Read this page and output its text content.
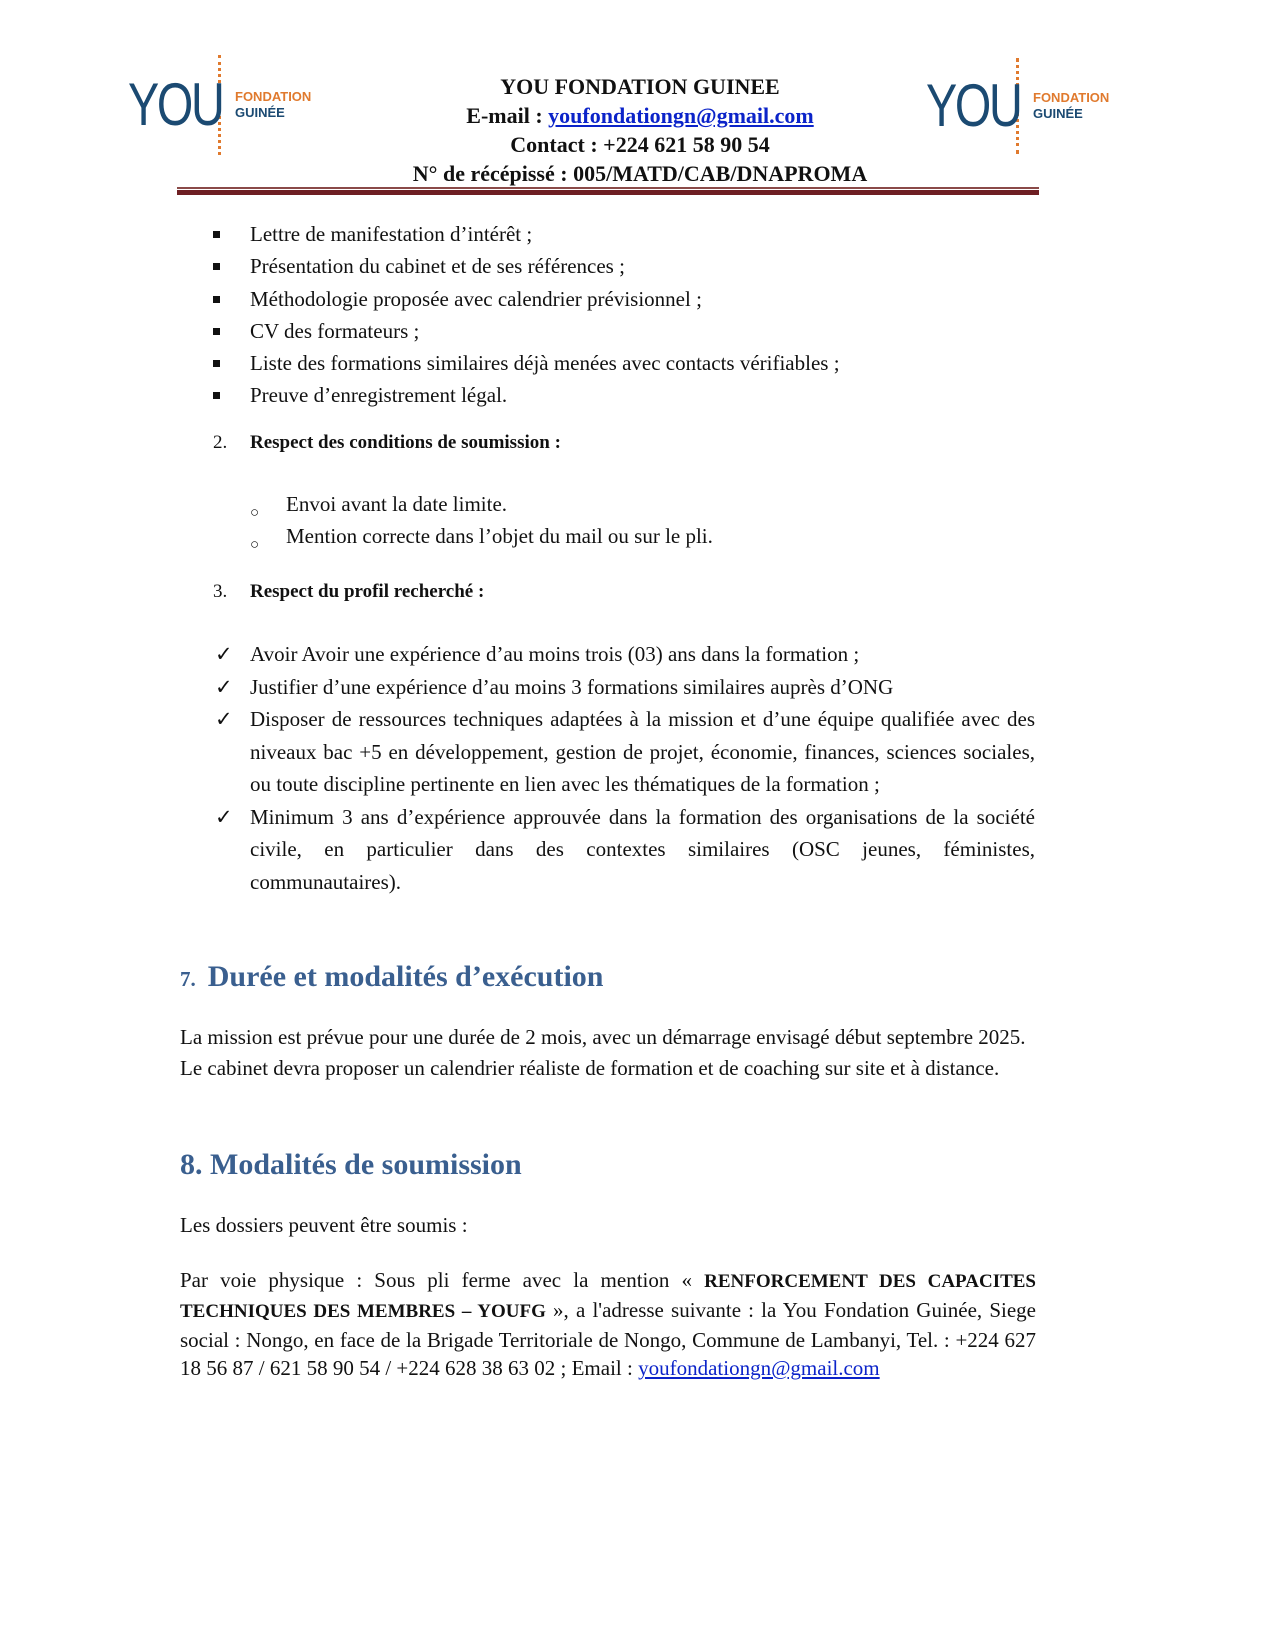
YOU FONDATION
GUINÉE	YOU FONDATION
GUINÉE
YOU FONDATION GUINEE
E-mail : youfondationgn@gmail.com
Contact : +224 621 58 90 54
N° de récépissé : 005/MATD/CAB/DNAPROMA
Lettre de manifestation d’intérêt ;
Présentation du cabinet et de ses références ;
Méthodologie proposée avec calendrier prévisionnel ;
CV des formateurs ;
Liste des formations similaires déjà menées avec contacts vérifiables ;
Preuve d’enregistrement légal.
2. Respect des conditions de soumission :
○ Envoi avant la date limite.
○ Mention correcte dans l’objet du mail ou sur le pli.
3. Respect du profil recherché :
✓ Avoir Avoir une expérience d’au moins trois (03) ans dans la formation ;
✓ Justifier d’une expérience d’au moins 3 formations similaires auprès d’ONG
✓ Disposer de ressources techniques adaptées à la mission et d’une équipe qualifiée avec des niveaux bac +5 en développement, gestion de projet, économie, finances, sciences sociales, ou toute discipline pertinente en lien avec les thématiques de la formation ;
✓ Minimum 3 ans d’expérience approuvée dans la formation des organisations de la société civile, en particulier dans des contextes similaires (OSC jeunes, féministes, communautaires).
7. Durée et modalités d’exécution
La mission est prévue pour une durée de 2 mois, avec un démarrage envisagé début septembre 2025. Le cabinet devra proposer un calendrier réaliste de formation et de coaching sur site et à distance.
8. Modalités de soumission
Les dossiers peuvent être soumis :
Par voie physique : Sous pli ferme avec la mention « RENFORCEMENT DES CAPACITES TECHNIQUES DES MEMBRES – YOUFG », a l'adresse suivante : la You Fondation Guinée, Siege social : Nongo, en face de la Brigade Territoriale de Nongo, Commune de Lambanyi, Tel. : +224 627 18 56 87 / 621 58 90 54 / +224 628 38 63 02 ; Email : youfondationgn@gmail.com
